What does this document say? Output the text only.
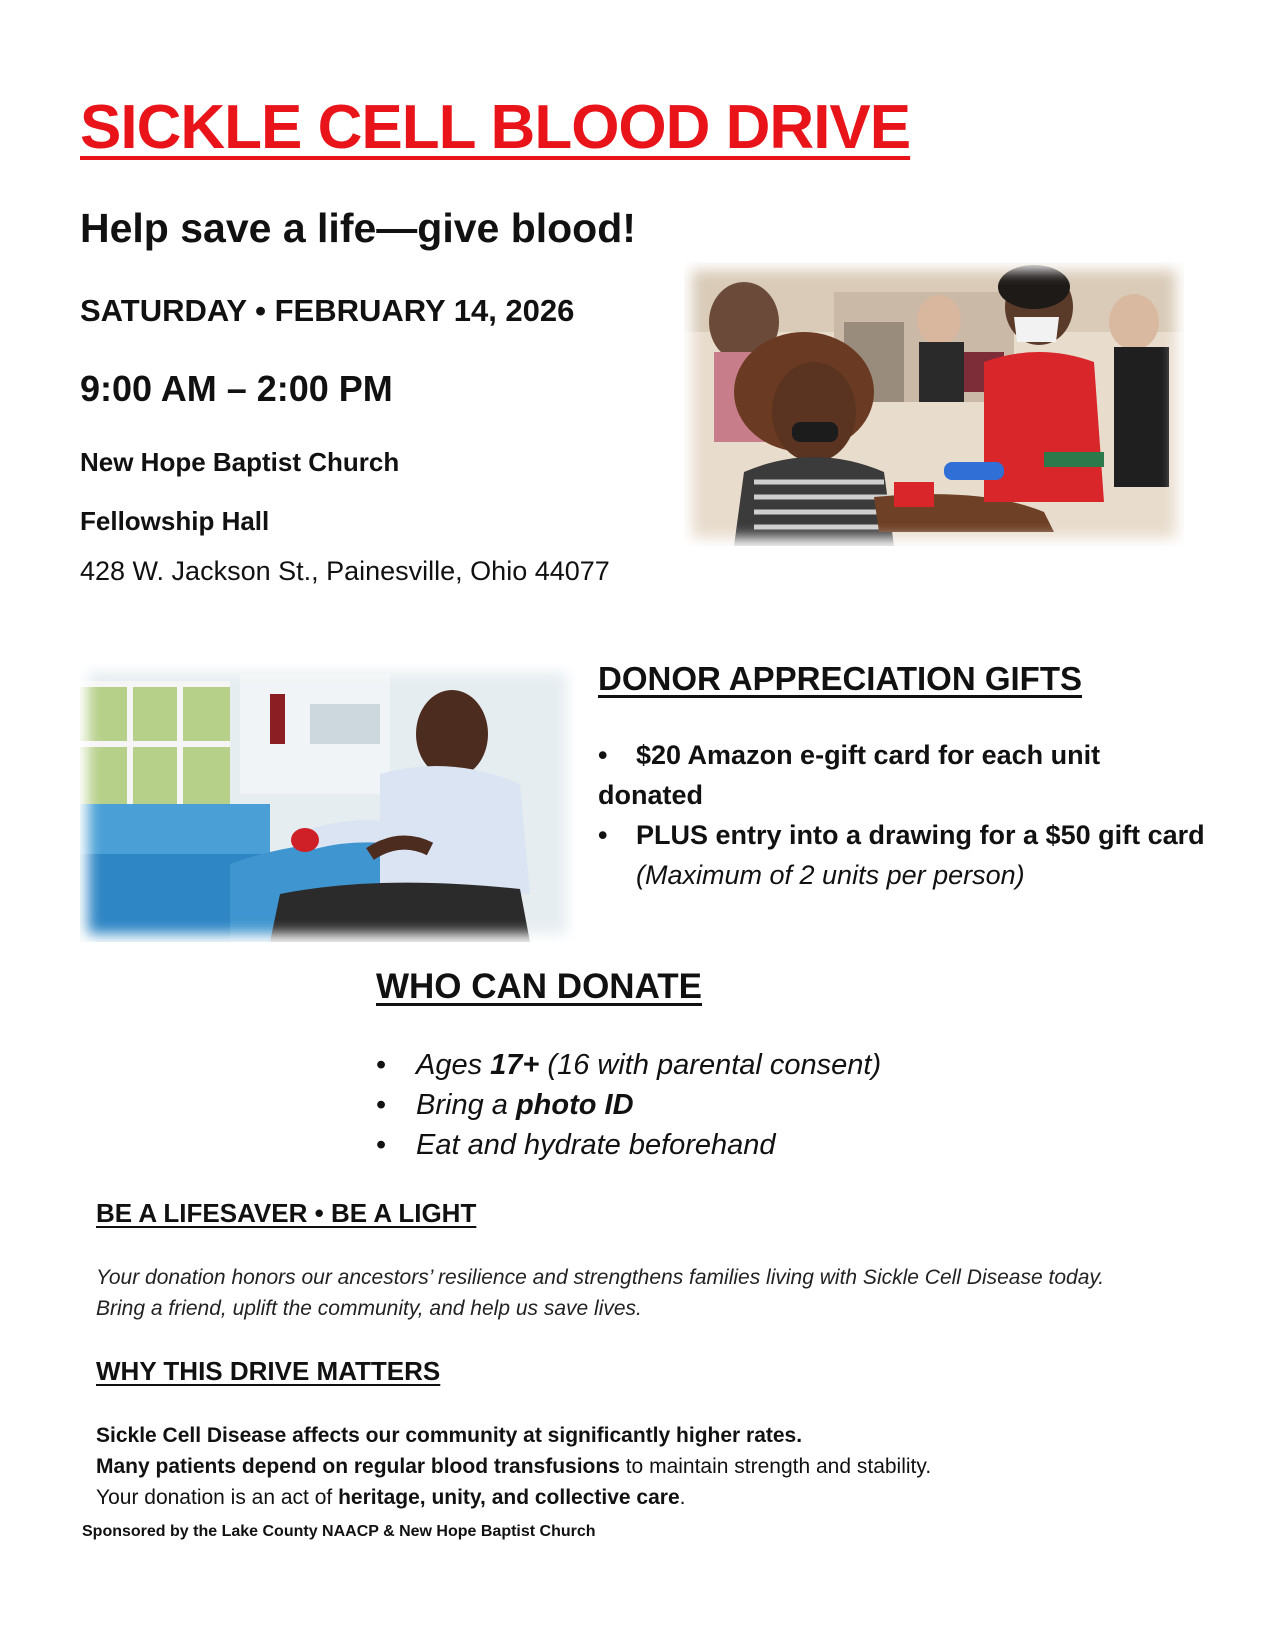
SICKLE CELL BLOOD DRIVE
Help save a life—give blood!
SATURDAY • FEBRUARY 14, 2026
9:00 AM – 2:00 PM
New Hope Baptist Church
Fellowship Hall
428 W. Jackson St., Painesville, Ohio 44077
DONOR APPRECIATION GIFTS
•	$20 Amazon e‑gift card for each unit
donated
•	PLUS entry into a drawing for a $50 gift card (Maximum of 2 units per person)
WHO CAN DONATE
• Ages 17+ (16 with parental consent)
• Bring a photo ID
• Eat and hydrate beforehand
BE A LIFESAVER • BE A LIGHT
Your donation honors our ancestors’ resilience and strengthens families living with Sickle Cell Disease today.
Bring a friend, uplift the community, and help us save lives.
WHY THIS DRIVE MATTERS
Sickle Cell Disease affects our community at significantly higher rates.
Many patients depend on regular blood transfusions to maintain strength and stability.
Your donation is an act of heritage, unity, and collective care.
Sponsored by the Lake County NAACP & New Hope Baptist Church
